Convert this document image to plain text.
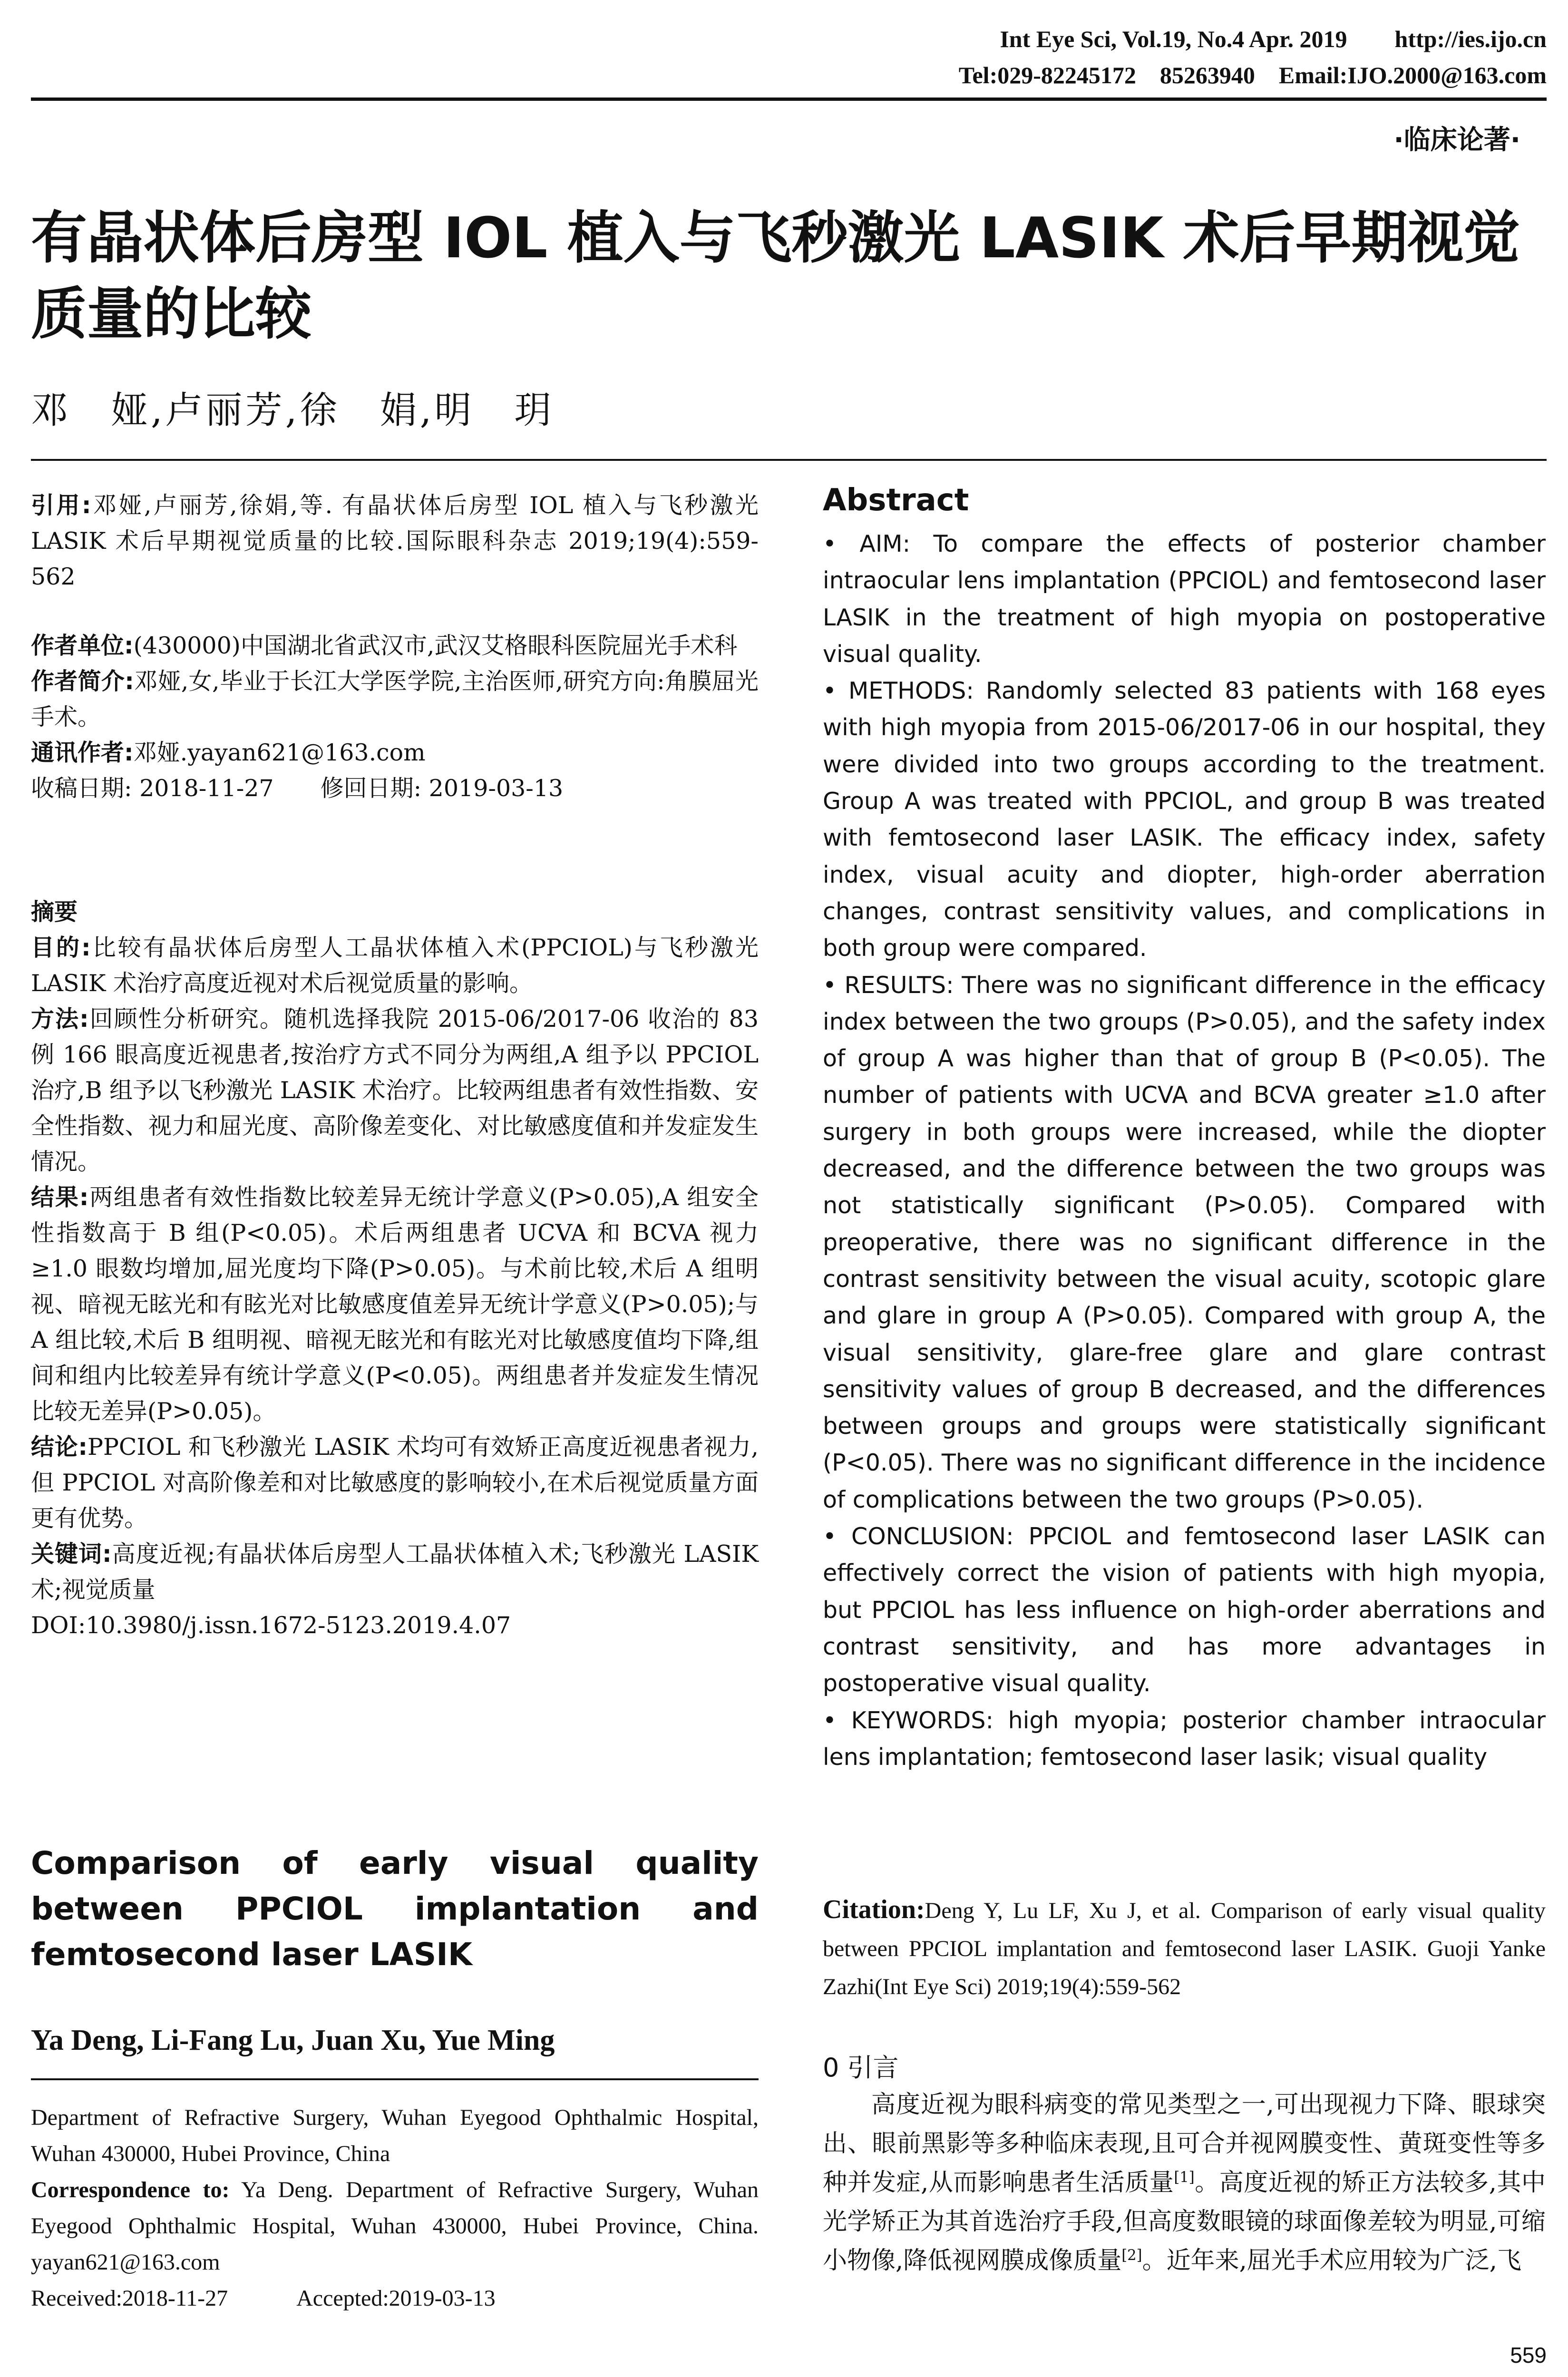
Int Eye Sci, Vol.19, No.4 Apr. 2019　　http://ies.ijo.cn
Tel:029-82245172　85263940　Email:IJO.2000@163.com
·临床论著·
有晶状体后房型 IOL 植入与飞秒激光 LASIK 术后早期视觉质量的比较
邓　娅,卢丽芳,徐　娟,明　玥

引用:邓娅,卢丽芳,徐娟,等. 有晶状体后房型 IOL 植入与飞秒激光 LASIK 术后早期视觉质量的比较.国际眼科杂志 2019;19(4):559-562

作者单位:(430000)中国湖北省武汉市,武汉艾格眼科医院屈光手术科

作者简介:邓娅,女,毕业于长江大学医学院,主治医师,研究方向:角膜屈光手术。

通讯作者:邓娅.yayan621@163.com

收稿日期: 2018-11-27　　修回日期: 2019-03-13

摘要

目的:比较有晶状体后房型人工晶状体植入术(PPCIOL)与飞秒激光 LASIK 术治疗高度近视对术后视觉质量的影响。

方法:回顾性分析研究。随机选择我院 2015-06/2017-06 收治的 83 例 166 眼高度近视患者,按治疗方式不同分为两组,A 组予以 PPCIOL 治疗,B 组予以飞秒激光 LASIK 术治疗。比较两组患者有效性指数、安全性指数、视力和屈光度、高阶像差变化、对比敏感度值和并发症发生情况。

结果:两组患者有效性指数比较差异无统计学意义(P>0.05),A 组安全性指数高于 B 组(P<0.05)。术后两组患者 UCVA 和 BCVA 视力≥1.0 眼数均增加,屈光度均下降(P>0.05)。与术前比较,术后 A 组明视、暗视无眩光和有眩光对比敏感度值差异无统计学意义(P>0.05);与 A 组比较,术后 B 组明视、暗视无眩光和有眩光对比敏感度值均下降,组间和组内比较差异有统计学意义(P<0.05)。两组患者并发症发生情况比较无差异(P>0.05)。

结论:PPCIOL 和飞秒激光 LASIK 术均可有效矫正高度近视患者视力,但 PPCIOL 对高阶像差和对比敏感度的影响较小,在术后视觉质量方面更有优势。

关键词:高度近视;有晶状体后房型人工晶状体植入术;飞秒激光 LASIK 术;视觉质量

DOI:10.3980/j.issn.1672-5123.2019.4.07

Comparison of early visual quality between PPCIOL implantation and femtosecond laser LASIK
Ya Deng, Li-Fang Lu, Juan Xu, Yue Ming

Department of Refractive Surgery, Wuhan Eyegood Ophthalmic Hospital, Wuhan 430000, Hubei Province, China

Correspondence to: Ya Deng. Department of Refractive Surgery, Wuhan Eyegood Ophthalmic Hospital, Wuhan 430000, Hubei Province, China. yayan621@163.com

Received:2018-11-27　　　Accepted:2019-03-13

Abstract

• AIM: To compare the effects of posterior chamber intraocular lens implantation (PPCIOL) and femtosecond laser LASIK in the treatment of high myopia on postoperative visual quality.

• METHODS: Randomly selected 83 patients with 168 eyes with high myopia from 2015-06/2017-06 in our hospital, they were divided into two groups according to the treatment. Group A was treated with PPCIOL, and group B was treated with femtosecond laser LASIK. The efficacy index, safety index, visual acuity and diopter, high-order aberration changes, contrast sensitivity values, and complications in both group were compared.

• RESULTS: There was no significant difference in the efficacy index between the two groups (P>0.05), and the safety index of group A was higher than that of group B (P<0.05). The number of patients with UCVA and BCVA greater ≥1.0 after surgery in both groups were increased, while the diopter decreased, and the difference between the two groups was not statistically significant (P>0.05). Compared with preoperative, there was no significant difference in the contrast sensitivity between the visual acuity, scotopic glare and glare in group A (P>0.05). Compared with group A, the visual sensitivity, glare-free glare and glare contrast sensitivity values of group B decreased, and the differences between groups and groups were statistically significant (P<0.05). There was no significant difference in the incidence of complications between the two groups (P>0.05).

• CONCLUSION: PPCIOL and femtosecond laser LASIK can effectively correct the vision of patients with high myopia, but PPCIOL has less influence on high-order aberrations and contrast sensitivity, and has more advantages in postoperative visual quality.

• KEYWORDS: high myopia; posterior chamber intraocular lens implantation; femtosecond laser lasik; visual quality

Citation:Deng Y, Lu LF, Xu J, et al. Comparison of early visual quality between PPCIOL implantation and femtosecond laser LASIK. Guoji Yanke Zazhi(Int Eye Sci) 2019;19(4):559-562
0 引言

高度近视为眼科病变的常见类型之一,可出现视力下降、眼球突出、眼前黑影等多种临床表现,且可合并视网膜变性、黄斑变性等多种并发症,从而影响患者生活质量[1]。高度近视的矫正方法较多,其中光学矫正为其首选治疗手段,但高度数眼镜的球面像差较为明显,可缩小物像,降低视网膜成像质量[2]。近年来,屈光手术应用较为广泛,飞

559
